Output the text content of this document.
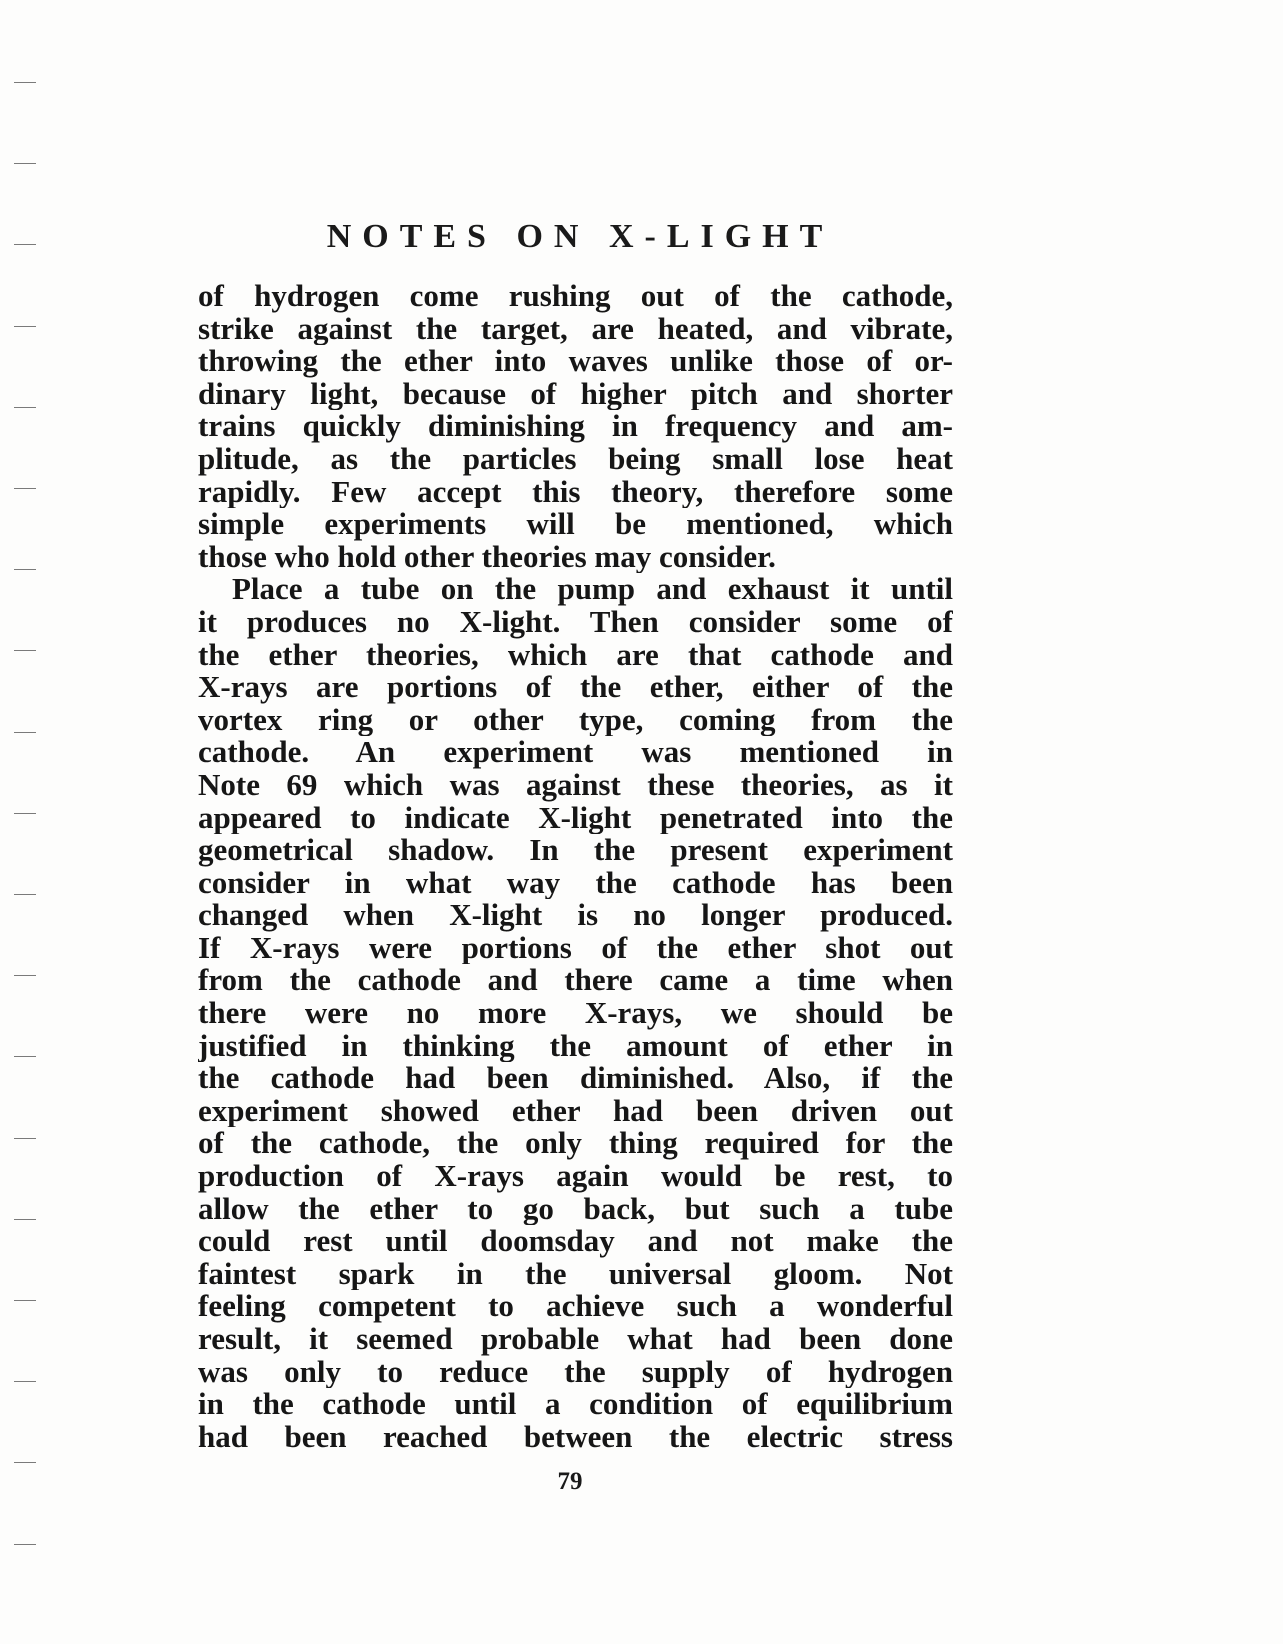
NOTES ON X-LIGHT
of hydrogen come rushing out of the cathode,
strike against the target, are heated, and vibrate,
throwing the ether into waves unlike those of or-
dinary light, because of higher pitch and shorter
trains quickly diminishing in frequency and am-
plitude, as the particles being small lose heat
rapidly. Few accept this theory, therefore some
simple experiments will be mentioned, which
those who hold other theories may consider.
Place a tube on the pump and exhaust it until
it produces no X-light. Then consider some of
the ether theories, which are that cathode and
X-rays are portions of the ether, either of the
vortex ring or other type, coming from the
cathode. An experiment was mentioned in
Note 69 which was against these theories, as it
appeared to indicate X-light penetrated into the
geometrical shadow. In the present experiment
consider in what way the cathode has been
changed when X-light is no longer produced.
If X-rays were portions of the ether shot out
from the cathode and there came a time when
there were no more X-rays, we should be
justified in thinking the amount of ether in
the cathode had been diminished. Also, if the
experiment showed ether had been driven out
of the cathode, the only thing required for the
production of X-rays again would be rest, to
allow the ether to go back, but such a tube
could rest until doomsday and not make the
faintest spark in the universal gloom. Not
feeling competent to achieve such a wonderful
result, it seemed probable what had been done
was only to reduce the supply of hydrogen
in the cathode until a condition of equilibrium
had been reached between the electric stress
79
